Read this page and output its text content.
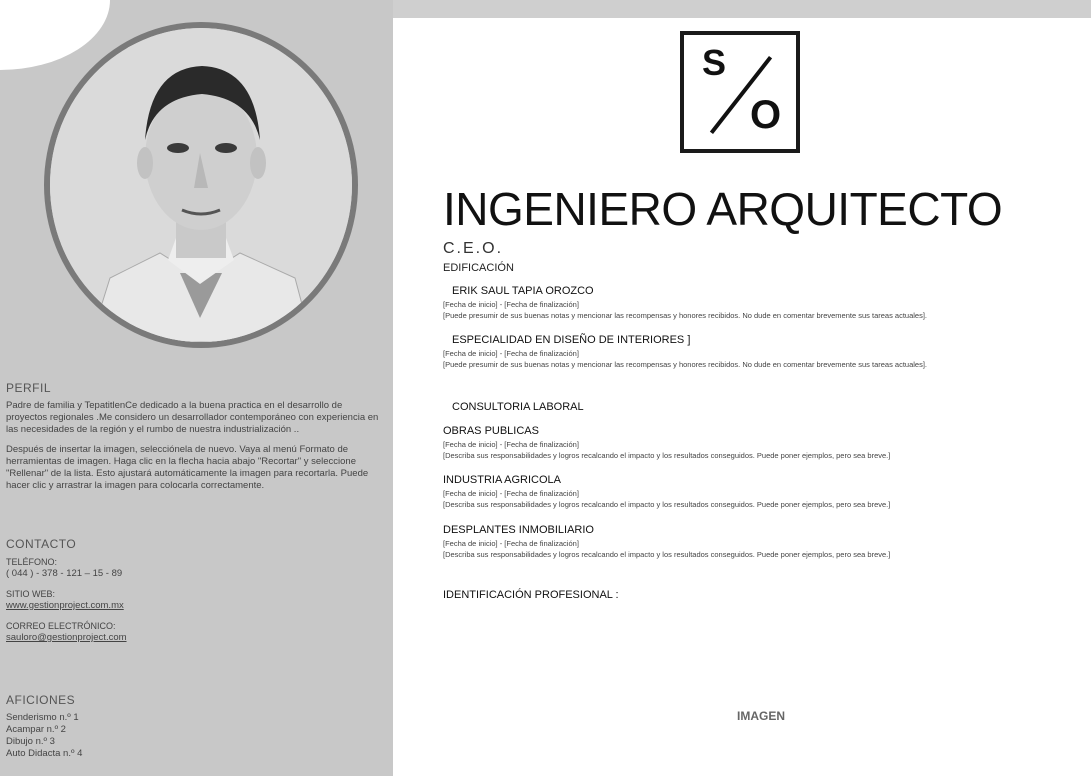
PERFIL

Padre de familia y TepatitlenCe dedicado a la buena practica en el desarrollo de proyectos regionales .Me considero un desarrollador contemporáneo con experiencia en las necesidades de la región y el rumbo de nuestra industrialización ..

Después de insertar la imagen, selecciónela de nuevo. Vaya al menú Formato de herramientas de imagen. Haga clic en la flecha hacia abajo "Recortar" y seleccione "Rellenar" de la lista. Esto ajustará automáticamente la imagen para recortarla. Puede hacer clic y arrastrar la imagen para colocarla correctamente.

CONTACTO
TELÉFONO:
( 044 ) - 378 - 121 – 15 - 89
SITIO WEB:
www.gestionproject.com.mx
CORREO ELECTRÓNICO:
sauloro@gestionproject.com
AFICIONES
Senderismo n.º 1
Acampar n.º 2
Dibujo n.º 3
Auto Didacta n.º 4
S
O
INGENIERO ARQUITECTO
C.E.O.
EDIFICACIÓN
ERIK SAUL TAPIA OROZCO
[Fecha de inicio] - [Fecha de finalización]
[Puede presumir de sus buenas notas y mencionar las recompensas y honores recibidos. No dude en comentar brevemente sus tareas actuales].
ESPECIALIDAD EN DISEÑO DE INTERIORES ]
[Fecha de inicio] - [Fecha de finalización]
[Puede presumir de sus buenas notas y mencionar las recompensas y honores recibidos. No dude en comentar brevemente sus tareas actuales].
CONSULTORIA LABORAL
OBRAS PUBLICAS
[Fecha de inicio] - [Fecha de finalización]
[Describa sus responsabilidades y logros recalcando el impacto y los resultados conseguidos. Puede poner ejemplos, pero sea breve.]
INDUSTRIA AGRICOLA
[Fecha de inicio] - [Fecha de finalización]
[Describa sus responsabilidades y logros recalcando el impacto y los resultados conseguidos. Puede poner ejemplos, pero sea breve.]
DESPLANTES INMOBILIARIO
[Fecha de inicio] - [Fecha de finalización]
[Describa sus responsabilidades y logros recalcando el impacto y los resultados conseguidos. Puede poner ejemplos, pero sea breve.]
IDENTIFICACIÓN PROFESIONAL :
IMAGEN
